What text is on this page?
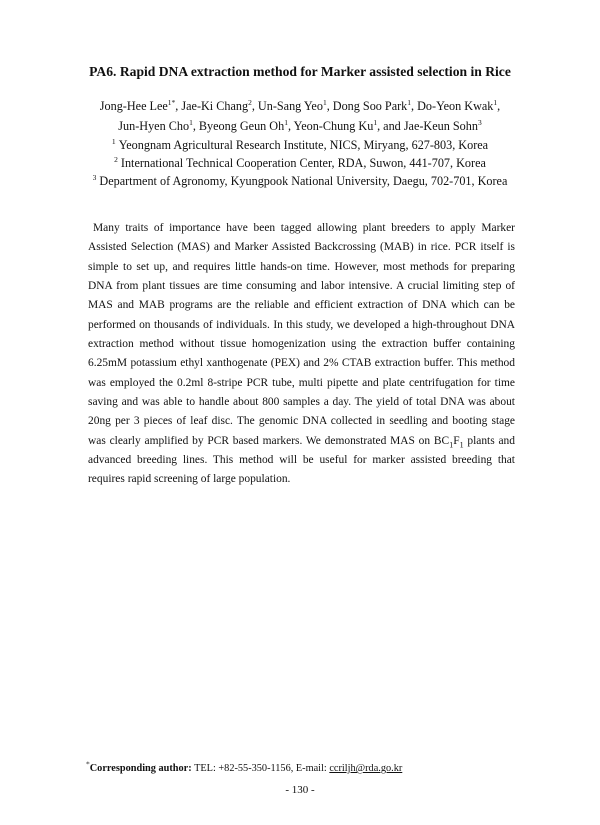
PA6. Rapid DNA extraction method for Marker assisted selection in Rice
Jong-Hee Lee$^{1*}$, Jae-Ki Chang$^2$, Un-Sang Yeo$^1$, Dong Soo Park$^1$, Do-Yeon Kwak$^1$,
Jun-Hyen Cho$^1$, Byeong Geun Oh$^1$, Yeon-Chung Ku$^1$, and Jae-Keun Sohn$^3$
$^1$ Yeongnam Agricultural Research Institute, NICS, Miryang, 627-803, Korea
$^2$ International Technical Cooperation Center, RDA, Suwon, 441-707, Korea
$^3$ Department of Agronomy, Kyungpook National University, Daegu, 702-701, Korea
Many traits of importance have been tagged allowing plant breeders to apply Marker Assisted Selection (MAS) and Marker Assisted Backcrossing (MAB) in rice. PCR itself is simple to set up, and requires little hands-on time. However, most methods for preparing DNA from plant tissues are time consuming and labor intensive. A crucial limiting step of MAS and MAB programs are the reliable and efficient extraction of DNA which can be performed on thousands of individuals. In this study, we developed a high-throughout DNA extraction method without tissue homogenization using the extraction buffer containing 6.25mM potassium ethyl xanthogenate (PEX) and 2% CTAB extraction buffer. This method was employed the 0.2ml 8-stripe PCR tube, multi pipette and plate centrifugation for time saving and was able to handle about 800 samples a day. The yield of total DNA was about 20ng per 3 pieces of leaf disc. The genomic DNA collected in seedling and booting stage was clearly amplified by PCR based markers. We demonstrated MAS on $BC_1F_1$ plants and advanced breeding lines. This method will be useful for marker assisted breeding that requires rapid screening of large population.
*Corresponding author: TEL: +82-55-350-1156, E-mail: ccriljh@rda.go.kr
- 130 -
